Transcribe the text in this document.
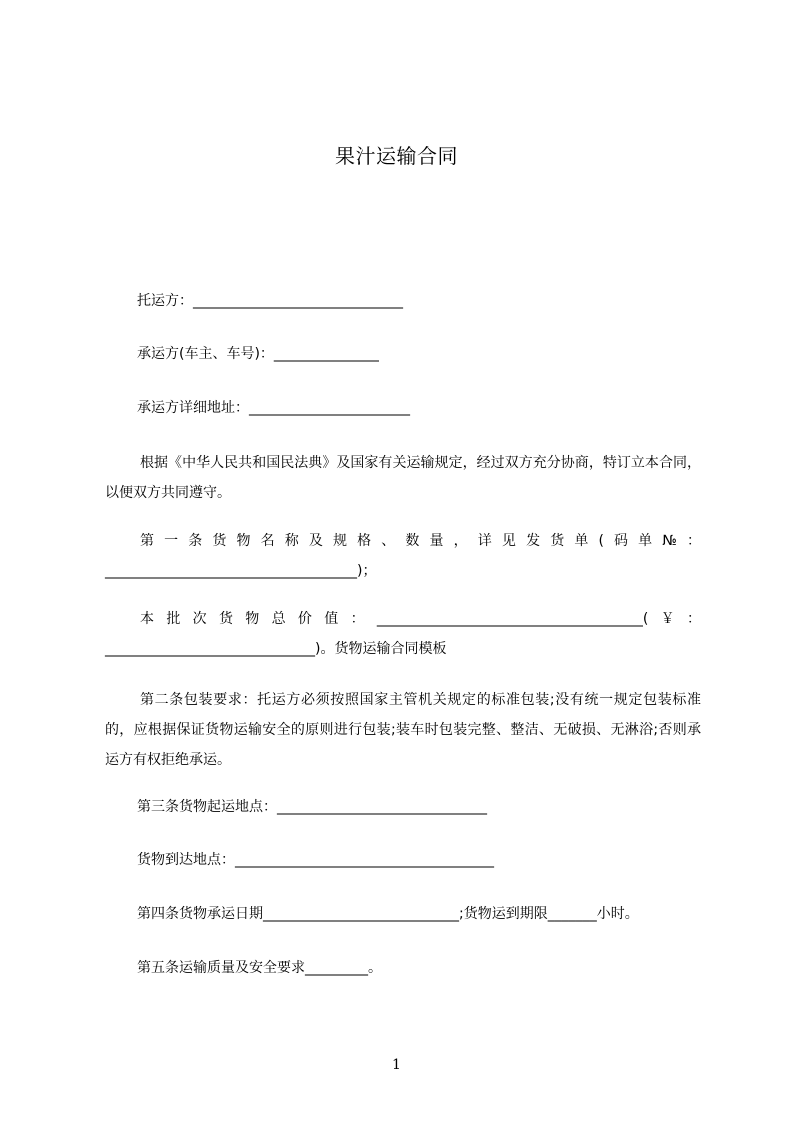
果汁运输合同
托运方：______________________________
承运方(车主、车号)：_______________
承运方详细地址：_______________________
根据《中华人民共和国民法典》及国家有关运输规定，经过双方充分协商，特订立本合同，以便双方共同遵守。
第一条货物名称及规格、数量，详见发货单(码单№：____________________________________)；
本批次货物总价值：______________________________________(￥：______________________________)。货物运输合同模板
第二条包装要求：托运方必须按照国家主管机关规定的标准包装;没有统一规定包装标准的，应根据保证货物运输安全的原则进行包装;装车时包装完整、整洁、无破损、无淋浴;否则承运方有权拒绝承运。
第三条货物起运地点：______________________________
货物到达地点：_____________________________________
第四条货物承运日期____________________________;货物运到期限_______小时。
第五条运输质量及安全要求_________。
1
